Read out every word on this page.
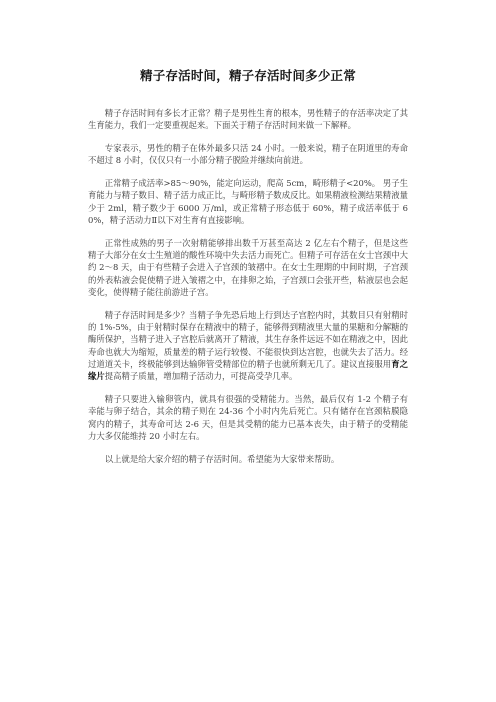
精子存活时间，精子存活时间多少正常

精子存活时间有多长才正常？精子是男性生育的根本，男性精子的存活率决定了其生育能力，我们一定要重视起来。下面关于精子存活时间来做一下解释。

专家表示，男性的精子在体外最多只活 24 小时。一般来说，精子在阴道里的寿命不超过 8 小时，仅仅只有一小部分精子脱险并继续向前进。

正常精子成活率>85～90%，能定向运动，爬高 5cm，畸形精子<20%。 男子生育能力与精子数目、精子活力成正比，与畸形精子数成反比。如果精液检测结果精液量少于 2ml，精子数少于 6000 万/ml，或正常精子形态低于 60%，精子成活率低于 60%，精子活动力Ⅱ以下对生育有直接影响。

正常性成熟的男子一次射精能够排出数千万甚至高达 2 亿左右个精子，但是这些精子大部分在女士生殖道的酸性环境中失去活力而死亡。但精子可存活在女士宫颈中大约 2～8 天，由于有些精子会进入子宫颈的皱褶中。在女士生理期的中间时期，子宫颈的外表粘液会促使精子进入皱褶之中，在排卵之始，子宫颈口会张开些，粘液层也会起变化，使得精子能往前游进子宫。

精子存活时间是多少？当精子争先恐后地上行到达子宫腔内时，其数目只有射精时的 1%-5%，由于射精时保存在精液中的精子，能够得到精液里大量的果糖和分解糖的酶所保护，当精子进入子宫腔后就离开了精液，其生存条件远远不如在精液之中，因此寿命也就大为缩短，质量差的精子运行较慢、不能很快到达宫腔，也就失去了活力。经过道道关卡，终极能够到达输卵管受精部位的精子也就所剩无几了。建议直接服用育之缘片提高精子质量，增加精子活动力，可提高受孕几率。

精子只要进入输卵管内，就具有很强的受精能力。当然，最后仅有 1-2 个精子有幸能与卵子结合，其余的精子则在 24-36 个小时内先后死亡。只有储存在宫颈粘膜隐窝内的精子，其寿命可达 2-6 天，但是其受精的能力已基本丧失，由于精子的受精能力大多仅能维持 20 小时左右。

以上就是给大家介绍的精子存活时间。希望能为大家带来帮助。
